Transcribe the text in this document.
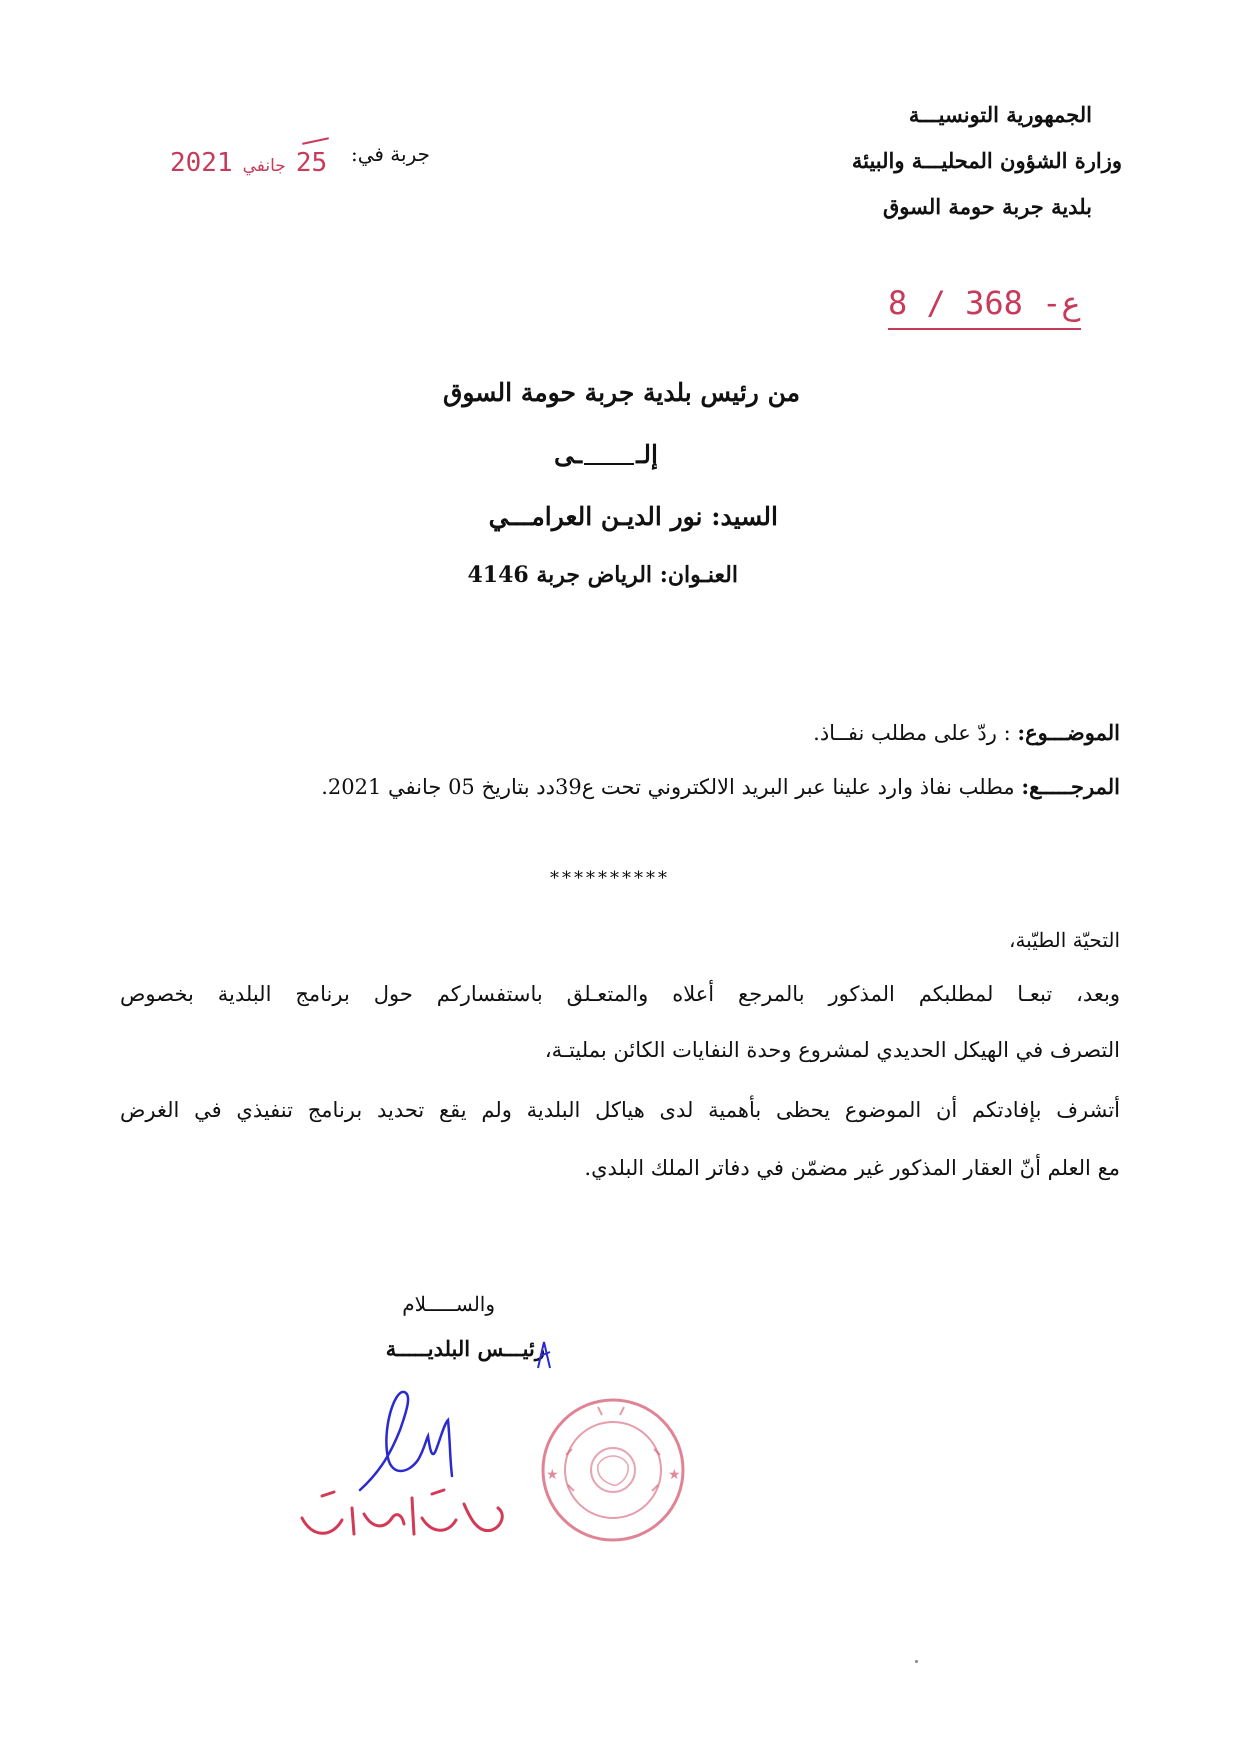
الجمهورية التونسيـــة
وزارة الشؤون المحليـــة والبيئة
بلدية جربة حومة السوق
جربة في:
2021 جانفي 25
ع- 368 / 8
من رئيس بلدية جربة حومة السوق
إلــى
السيد: نور الديـن العرامـــي
العنـوان: الرياض جربة 4146
الموضـــوع: : ردّ على مطلب نفــاذ.
المرجـــــع: مطلب نفاذ وارد علينا عبر البريد الالكتروني تحت ع39دد بتاريخ 05 جانفي 2021.
**********
التحيّة الطيّبة،
وبعد، تبعـا لمطلبكم المذكور بالمرجع أعلاه والمتعـلق باستفساركم حول برنامج البلدية بخصوص
التصرف في الهيكل الحديدي لمشروع وحدة النفايات الكائن بمليتـة،
أتشرف بإفادتكم أن الموضوع يحظى بأهمية لدى هياكل البلدية ولم يقع تحديد برنامج تنفيذي في الغرض
مع العلم أنّ العقار المذكور غير مضمّن في دفاتر الملك البلدي.
والســـــلام
رئيـــس البلديـــــة
★	★
